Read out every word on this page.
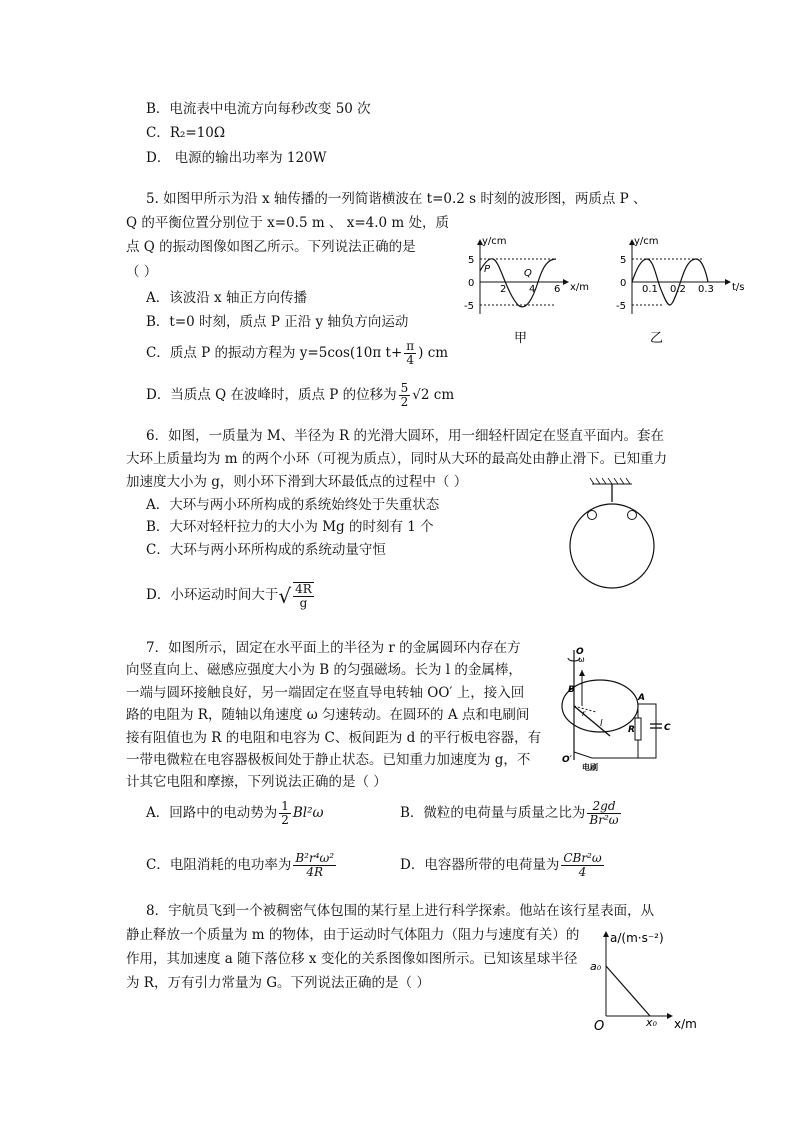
B．电流表中电流方向每秒改变 50 次
C．R₂=10Ω
D． 电源的输出功率为 120W
5. 如图甲所示为沿 x 轴传播的一列简谐横波在 t=0.2 s 时刻的波形图，两质点 P 、
Q 的平衡位置分别位于 x=0.5 m 、 x=4.0 m 处，质
点 Q 的振动图像如图乙所示。下列说法正确的是
（ ）
A．该波沿 x 轴正方向传播
B．t=0 时刻，质点 P 正沿 y 轴负方向运动
C．质点 P 的振动方程为 y=5cos(10π $t+ \frac{\pi}{4}$ ) cm
D．当质点 Q 在波峰时，质点 P 的位移为 $\frac{5}{2} √2$ cm
y/cm
x/m
5
-5
0
2 4 6
P	Q
甲
y/cm
t/s
5
-5
0
0.1 0.2 0.3
乙
6．如图，一质量为 M、半径为 R 的光滑大圆环，用一细轻杆固定在竖直平面内。套在
大环上质量均为 m 的两个小环（可视为质点），同时从大环的最高处由静止滑下。已知重力
加速度大小为 g，则小环下滑到大环最低点的过程中（ ）
A．大环与两小环所构成的系统始终处于失重状态
B．大环对轻杆拉力的大小为 Mg 的时刻有 1 个
C．大环与两小环所构成的系统动量守恒
D．小环运动时间大于√ $\frac{4R}{g}$
7．如图所示，固定在水平面上的半径为 r 的金属圆环内存在方
向竖直向上、磁感应强度大小为 B 的匀强磁场。长为 l 的金属棒，
一端与圆环接触良好，另一端固定在竖直导电转轴 OO′ 上，接入回
路的电阻为 R，随轴以角速度 ω 匀速转动。在圆环的 A 点和电刷间
接有阻值也为 R 的电阻和电容为 C、板间距为 d 的平行板电容器，有
一带电微粒在电容器极板间处于静止状态。已知重力加速度为 g，不
计其它电阻和摩擦，下列说法正确的是（ ）
A．回路中的电动势为 $\frac{1}{2} Bl^2\omega$	B．微粒的电荷量与质量之比为 $\frac{2gd}{\text{Br²ω}}$
C．电阻消耗的电功率为 $\frac{\text{B²r⁴ω²}}{4R}$	D．电容器所带的电荷量为 $\frac{\text{CBr²ω}}{4}$
O
O′
B
A
R	C
l
r
ω
电刷
8．宇航员飞到一个被稠密气体包围的某行星上进行科学探索。他站在该行星表面，从
静止释放一个质量为 m 的物体，由于运动时气体阻力（阻力与速度有关）的
作用，其加速度 a 随下落位移 x 变化的关系图像如图所示。已知该星球半径
为 R，万有引力常量为 G。下列说法正确的是（ ）
a/(m·s⁻²)
x/m
a₀
x₀
O
